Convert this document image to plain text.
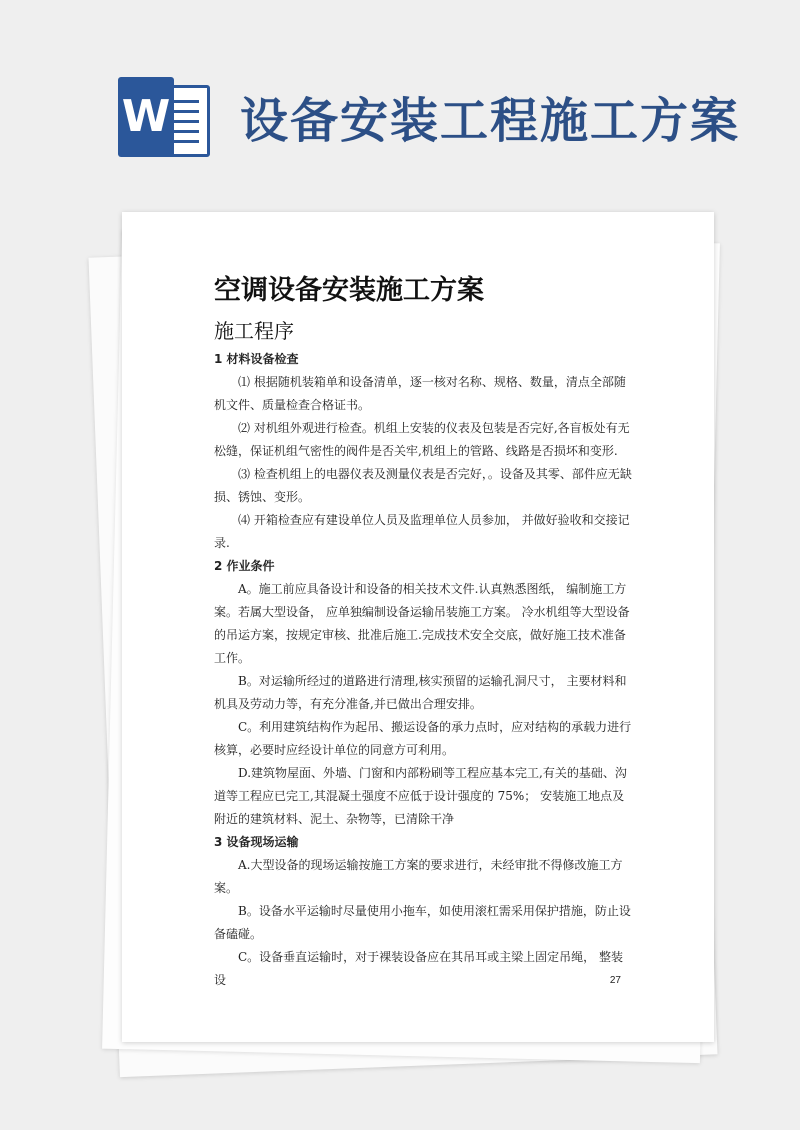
W 设备安装工程施工方案
空调设备安装施工方案
施工程序
1 材料设备检查

⑴ 根据随机装箱单和设备清单，逐一核对名称、规格、数量，清点全部随机文件、质量检查合格证书。

⑵ 对机组外观进行检查。机组上安装的仪表及包装是否完好,各盲板处有无松缝，保证机组气密性的阀件是否关牢,机组上的管路、线路是否损坏和变形.

⑶ 检查机组上的电器仪表及测量仪表是否完好，。设备及其零、部件应无缺损、锈蚀、变形。

⑷ 开箱检查应有建设单位人员及监理单位人员参加， 并做好验收和交接记录.

2 作业条件

A。施工前应具备设计和设备的相关技术文件.认真熟悉图纸， 编制施工方案。若属大型设备， 应单独编制设备运输吊装施工方案。 冷水机组等大型设备的吊运方案，按规定审核、批准后施工.完成技术安全交底，做好施工技术准备工作。

B。对运输所经过的道路进行清理,核实预留的运输孔洞尺寸， 主要材料和机具及劳动力等，有充分准备,并已做出合理安排。

C。利用建筑结构作为起吊、搬运设备的承力点时，应对结构的承载力进行核算，必要时应经设计单位的同意方可利用。

D.建筑物屋面、外墙、门窗和内部粉刷等工程应基本完工,有关的基础、沟道等工程应已完工,其混凝土强度不应低于设计强度的 75%； 安装施工地点及附近的建筑材料、泥土、杂物等，已清除干净

3 设备现场运输

A.大型设备的现场运输按施工方案的要求进行，未经审批不得修改施工方案。

B。设备水平运输时尽量使用小拖车，如使用滚杠需采用保护措施，防止设备磕碰。

C。设备垂直运输时，对于裸装设备应在其吊耳或主梁上固定吊绳， 整装设	27
